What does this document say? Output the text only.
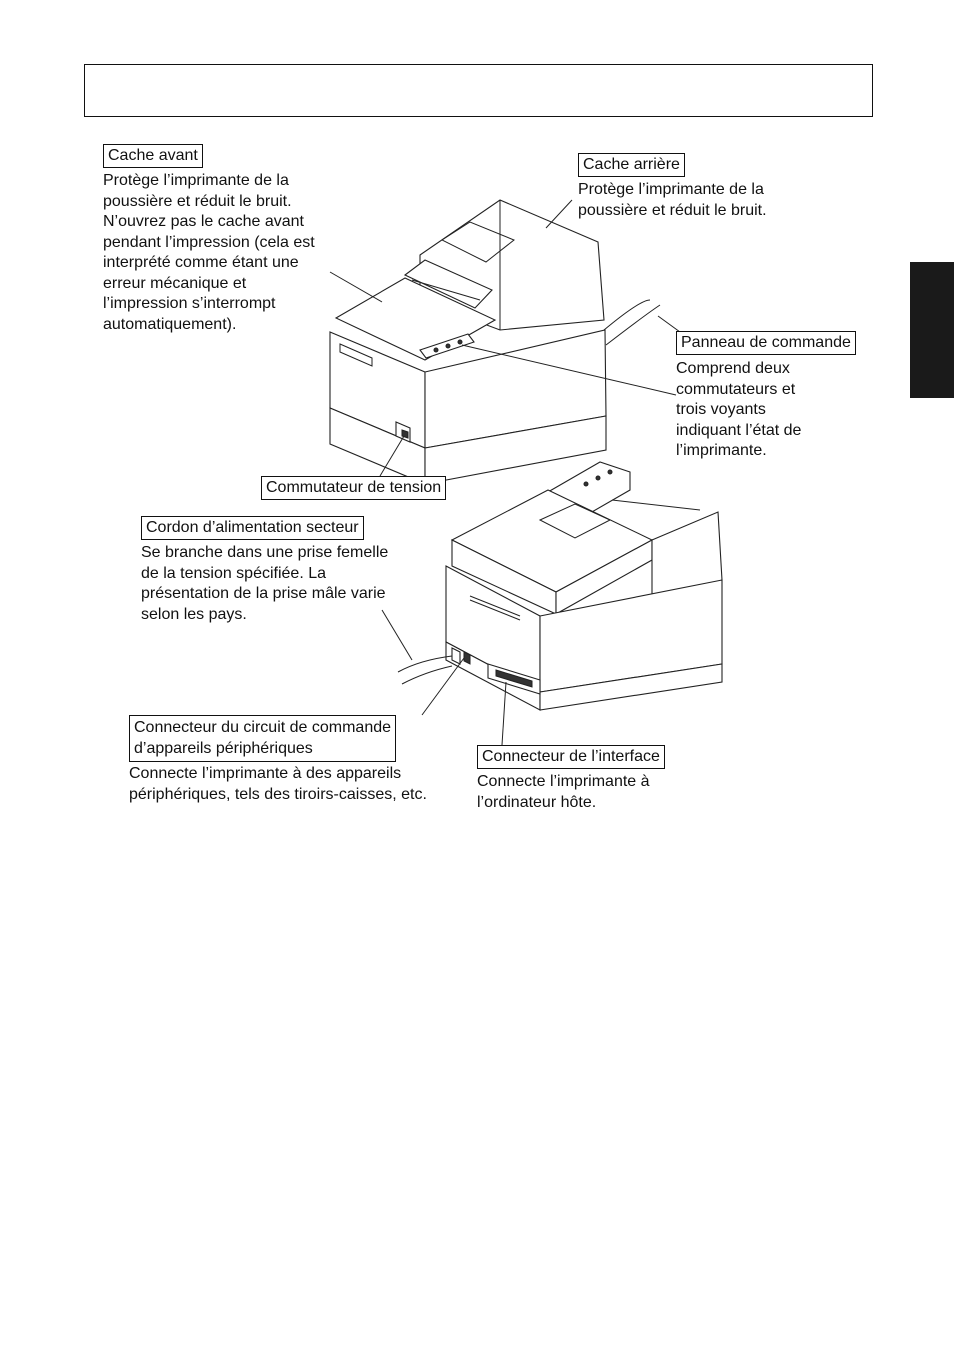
Cache avant
Protège l’imprimante de la
poussière et réduit le bruit.
N’ouvrez pas le cache avant
pendant l’impression (cela est
interprété comme étant une
erreur mécanique et
l’impression s’interrompt
automatiquement).
Cache arrière
Protège l’imprimante de la
poussière et réduit le bruit.
Panneau de commande
Comprend deux
commutateurs et
trois voyants
indiquant l’état de
l’imprimante.
Commutateur de tension
Cordon d’alimentation secteur
Se branche dans une prise femelle
de la tension spécifiée. La
présentation de la prise mâle varie
selon les pays.
Connecteur du circuit de commande
d’appareils périphériques
Connecte l’imprimante à des appareils
périphériques, tels des tiroirs-caisses, etc.
Connecteur de l’interface
Connecte l’imprimante à
l’ordinateur hôte.
